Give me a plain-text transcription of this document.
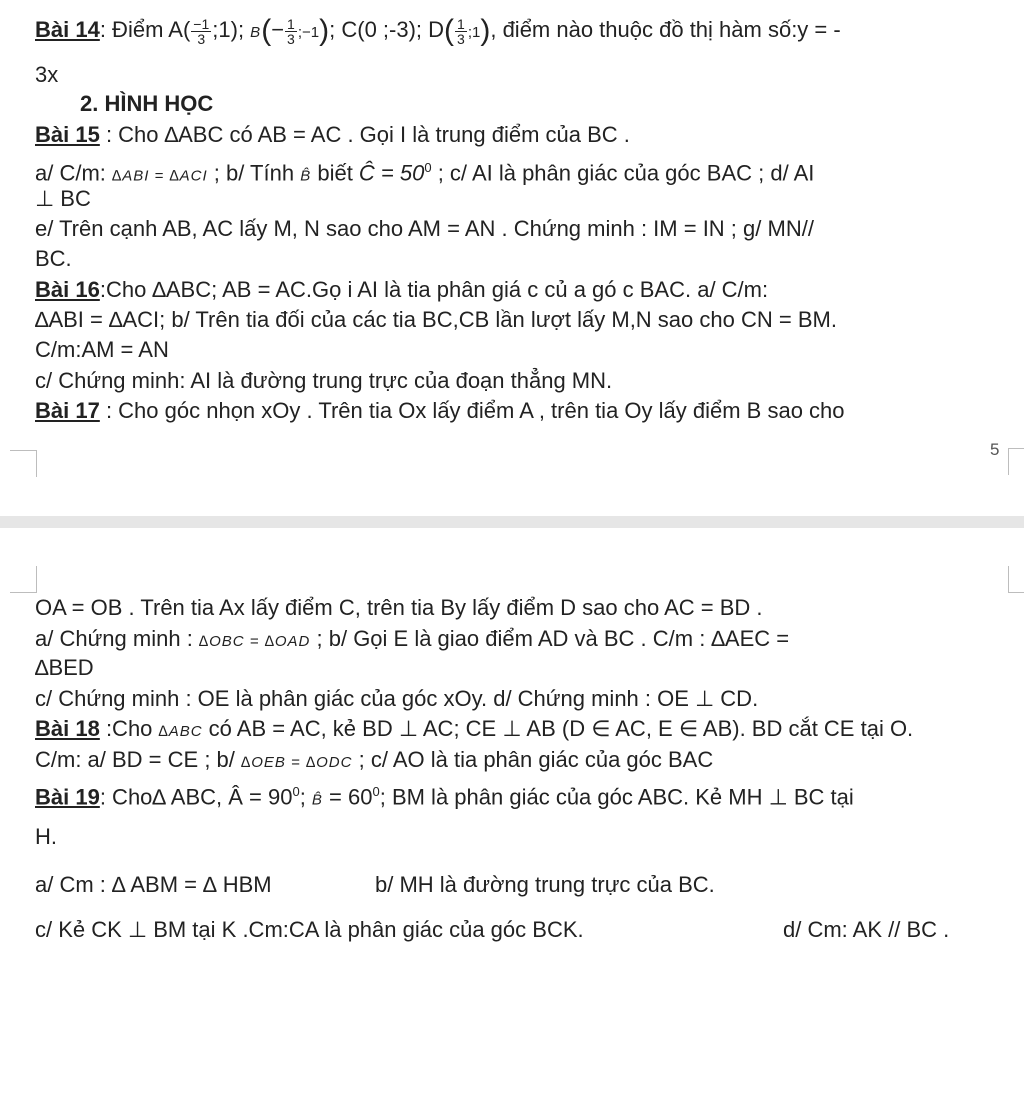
Bài 14: Điểm $A( \frac{-1}{3}$ ;1); $B(- \frac{1}{3}$ ;−1); C(0 ;-3); $D( \frac{1}{3}$ ;1), điểm nào thuộc đồ thị hàm số:y = -
3x
2. HÌNH HỌC
Bài 15 : Cho ∆ABC có AB = AC . Gọi I là trung điểm của BC .
a/ C/m: ∆ABI = ∆ACI ; b/ Tính B̂ biết Ĉ = $50^0$ ; c/ AI là phân giác của góc BAC ; d/ AI
⊥ BC
e/ Trên cạnh AB, AC lấy M, N sao cho AM = AN . Chứng minh : IM = IN ; g/ MN//
BC.
Bài 16:Cho ∆ABC; AB = AC.Gọ i AI là tia phân giá c củ a gó c BAC. a/ C/m:
∆ABI = ∆ACI; b/ Trên tia đối của các tia BC,CB lần lượt lấy M,N sao cho CN = BM.
C/m:AM = AN
c/ Chứng minh: AI là đường trung trực của đoạn thẳng MN.
Bài 17 : Cho góc nhọn xOy . Trên tia Ox lấy điểm A , trên tia Oy lấy điểm B sao cho
5
OA = OB . Trên tia Ax lấy điểm C, trên tia By lấy điểm D sao cho AC = BD .
a/ Chứng minh : ∆OBC = ∆OAD ; b/ Gọi E là giao điểm AD và BC . C/m : ∆AEC =
∆BED
c/ Chứng minh : OE là phân giác của góc xOy. d/ Chứng minh : OE ⊥ CD.
Bài 18 :Cho ∆ABC có AB = AC, kẻ BD ⊥ AC; CE ⊥ AB (D ∈ AC, E ∈ AB). BD cắt CE tại O.
C/m: a/ BD = CE ; b/ ∆OEB = ∆ODC ; c/ AO là tia phân giác của góc BAC
Bài 19: Cho∆ ABC, Â = $90^0$; B̂ = $60^0$; BM là phân giác của góc ABC. Kẻ MH ⊥ BC tại
H.
a/ Cm : ∆ ABM = ∆ HBM	b/ MH là đường trung trực của BC.
c/ Kẻ CK ⊥ BM tại K .Cm:CA là phân giác của góc BCK.	d/ Cm: AK // BC .
